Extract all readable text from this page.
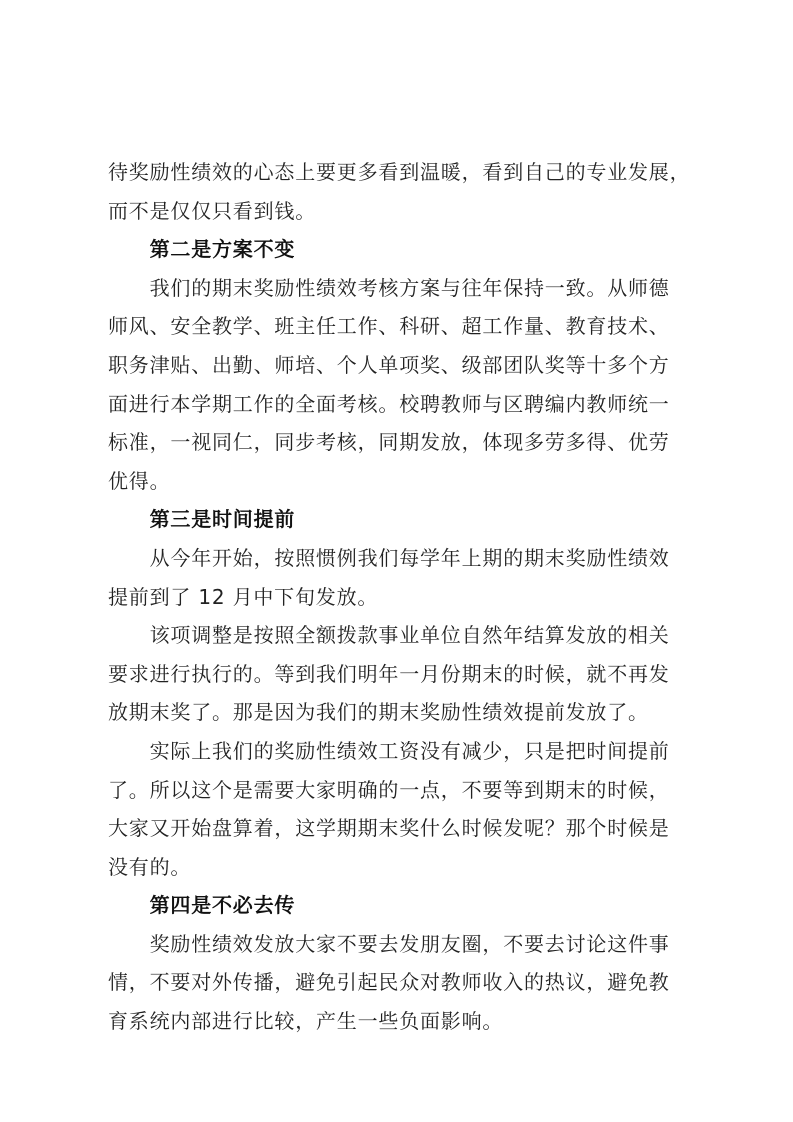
待奖励性绩效的心态上要更多看到温暖，看到自己的专业发展，
而不是仅仅只看到钱。
第二是方案不变
我们的期末奖励性绩效考核方案与往年保持一致。从师德
师风、安全教学、班主任工作、科研、超工作量、教育技术、
职务津贴、出勤、师培、个人单项奖、级部团队奖等十多个方
面进行本学期工作的全面考核。校聘教师与区聘编内教师统一
标准，一视同仁，同步考核，同期发放，体现多劳多得、优劳
优得。
第三是时间提前
从今年开始，按照惯例我们每学年上期的期末奖励性绩效
提前到了 12 月中下旬发放。
该项调整是按照全额拨款事业单位自然年结算发放的相关
要求进行执行的。等到我们明年一月份期末的时候，就不再发
放期末奖了。那是因为我们的期末奖励性绩效提前发放了。
实际上我们的奖励性绩效工资没有减少，只是把时间提前
了。所以这个是需要大家明确的一点，不要等到期末的时候，
大家又开始盘算着，这学期期末奖什么时候发呢？那个时候是
没有的。
第四是不必去传
奖励性绩效发放大家不要去发朋友圈，不要去讨论这件事
情，不要对外传播，避免引起民众对教师收入的热议，避免教
育系统内部进行比较，产生一些负面影响。
